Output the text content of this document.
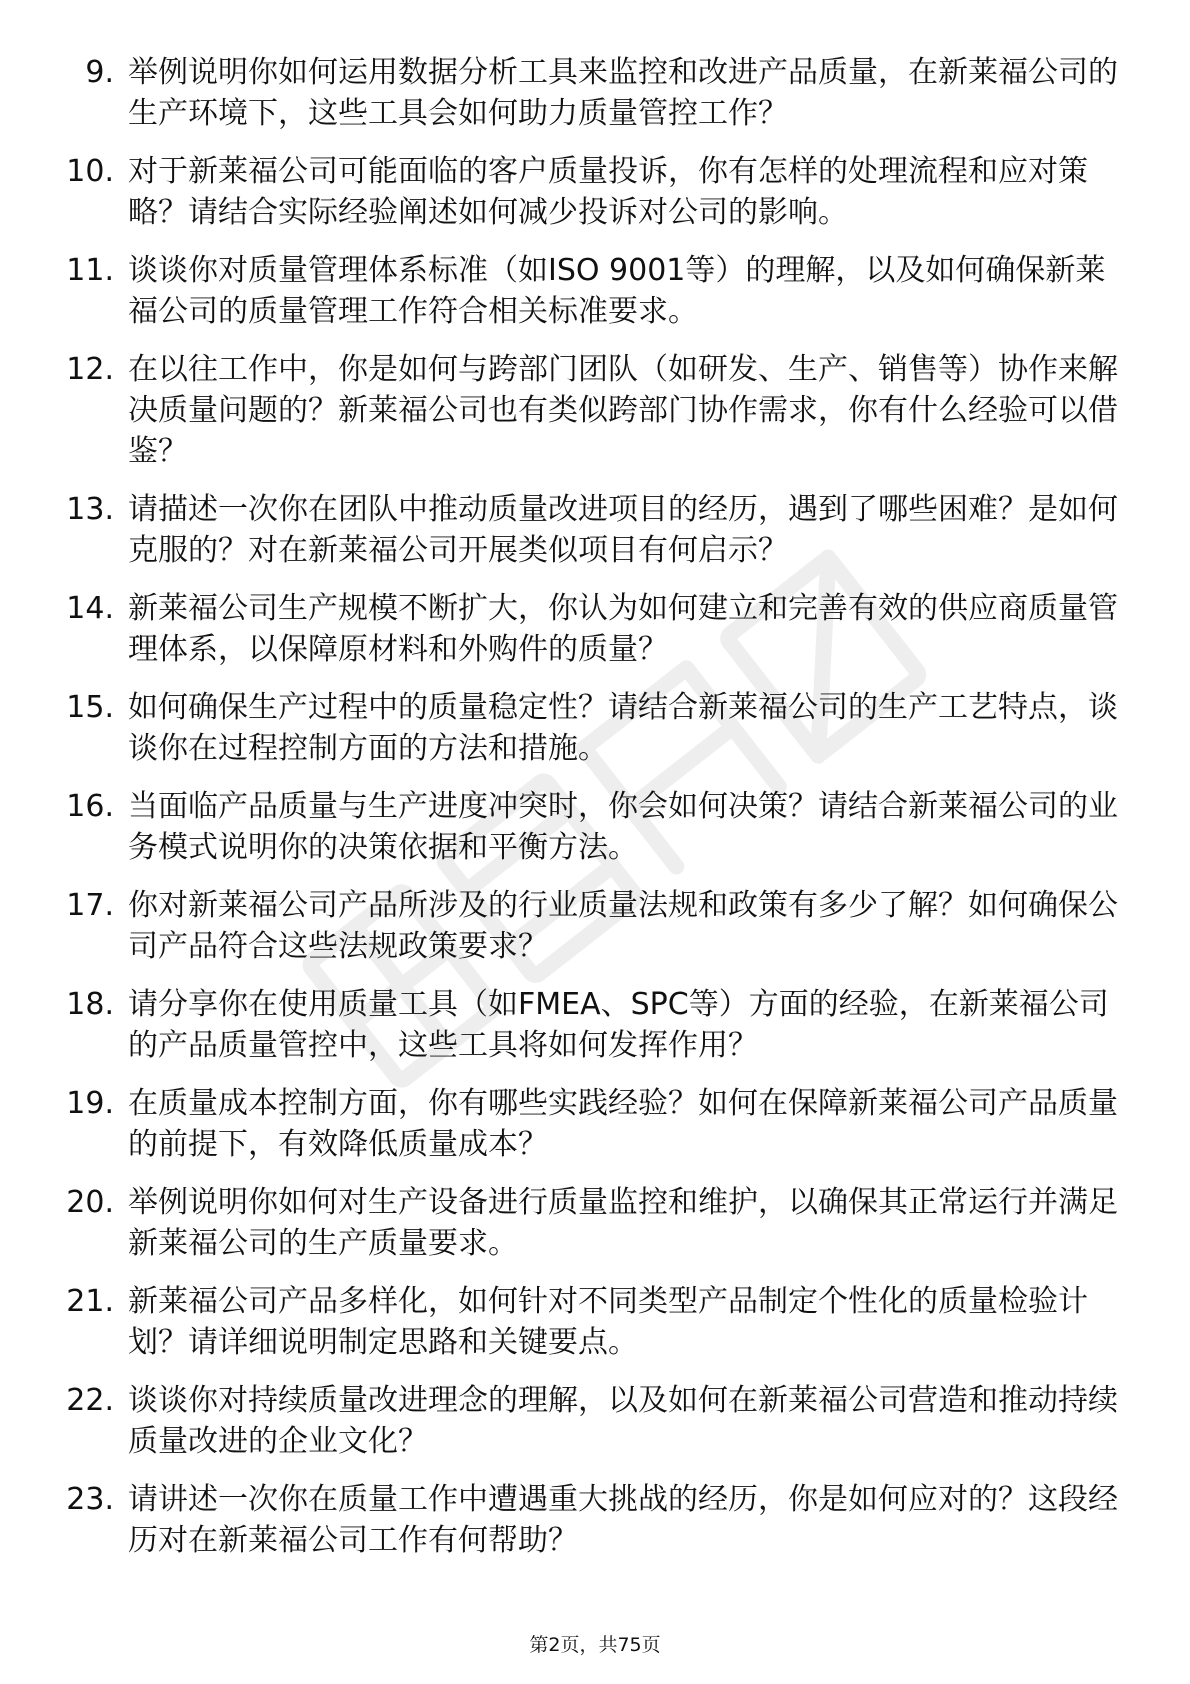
9. 举例说明你如何运用数据分析工具来监控和改进产品质量，在新莱福公司的生产环境下，这些工具会如何助力质量管控工作？
10. 对于新莱福公司可能面临的客户质量投诉，你有怎样的处理流程和应对策略？请结合实际经验阐述如何减少投诉对公司的影响。
11. 谈谈你对质量管理体系标准（如ISO 9001等）的理解，以及如何确保新莱福公司的质量管理工作符合相关标准要求。
12. 在以往工作中，你是如何与跨部门团队（如研发、生产、销售等）协作来解决质量问题的？新莱福公司也有类似跨部门协作需求，你有什么经验可以借鉴？
13. 请描述一次你在团队中推动质量改进项目的经历，遇到了哪些困难？是如何克服的？对在新莱福公司开展类似项目有何启示？
14. 新莱福公司生产规模不断扩大，你认为如何建立和完善有效的供应商质量管理体系，以保障原材料和外购件的质量？
15. 如何确保生产过程中的质量稳定性？请结合新莱福公司的生产工艺特点，谈谈你在过程控制方面的方法和措施。
16. 当面临产品质量与生产进度冲突时，你会如何决策？请结合新莱福公司的业务模式说明你的决策依据和平衡方法。
17. 你对新莱福公司产品所涉及的行业质量法规和政策有多少了解？如何确保公司产品符合这些法规政策要求？
18. 请分享你在使用质量工具（如FMEA、SPC等）方面的经验，在新莱福公司的产品质量管控中，这些工具将如何发挥作用？
19. 在质量成本控制方面，你有哪些实践经验？如何在保障新莱福公司产品质量的前提下，有效降低质量成本？
20. 举例说明你如何对生产设备进行质量监控和维护，以确保其正常运行并满足新莱福公司的生产质量要求。
21. 新莱福公司产品多样化，如何针对不同类型产品制定个性化的质量检验计划？请详细说明制定思路和关键要点。
22. 谈谈你对持续质量改进理念的理解，以及如何在新莱福公司营造和推动持续质量改进的企业文化？
23. 请讲述一次你在质量工作中遭遇重大挑战的经历，你是如何应对的？这段经历对在新莱福公司工作有何帮助？
第2页，共75页
